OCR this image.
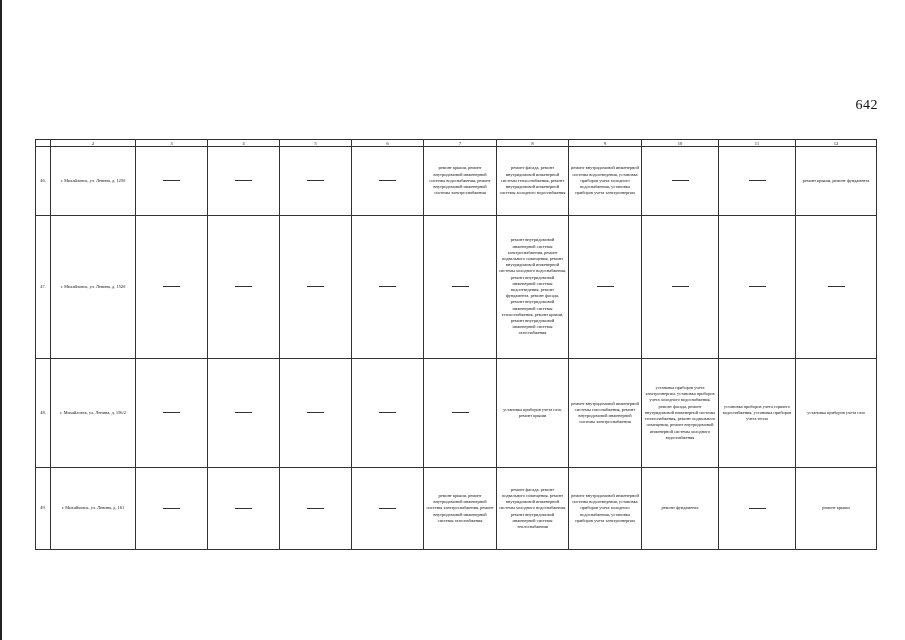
642
	2	3	4	5	6	7	8	9	10	11	12
46.	г. Михайловск, ул. Ленина, д. 125б					ремонт крыши, ремонт внутридомовой инженерной системы водоснабжения, ремонт внутридомовой инженерной системы электроснабжения	ремонт фасада, ремонт внутридомовой инженерной системы теплоснабжения, ремонт внутридомовой инженерной системы холодного водоснабжения	ремонт внутридомовой инженерной системы водоотведения, установка приборов учета холодного водоснабжения, установка приборов учета электроэнергии			ремонт крыши, ремонт фундамента
47.	г. Михайловск, ул. Ленина, д. 152б						ремонт внутридомовой инженерной системы электроснабжения, ремонт подвального помещения, ремонт внутридомовой инженерной системы холодного водоснабжения, ремонт внутридомовой инженерной системы водоотведения, ремонт фундамента, ремонт фасада, ремонт внутридомовой инженерной системы теплоснабжения, ремонт крыши, ремонт внутридомовой инженерной системы газоснабжения				
48.	г. Михайловск, ул. Ленина, д. 156/2						установка приборов учета газа, ремонт крыши	ремонт внутридомовой инженерной системы газоснабжения, ремонт внутридомовой инженерной системы электроснабжения	установка приборов учета электроэнергии, установка приборов учета холодного водоснабжения, ремонт фасада, ремонт внутридомовой инженерной системы теплоснабжения, ремонт подвального помещения, ремонт внутридомовой инженерной системы холодного водоснабжения	установка приборов учета горячего водоснабжения, установка приборов учета тепла	установка приборов учета газа
49.	г. Михайловск, ул. Ленина, д. 161					ремонт крыши, ремонт внутридомовой инженерной системы электроснабжения, ремонт внутридомовой инженерной системы газоснабжения	ремонт фасада, ремонт подвального помещения, ремонт внутридомовой инженерной системы холодного водоснабжения, ремонт внутридомовой инженерной системы теплоснабжения	ремонт внутридомовой инженерной системы водоотведения, установка приборов учета холодного водоснабжения, установка приборов учета электроэнергии	ремонт фундамента		ремонт крыши
